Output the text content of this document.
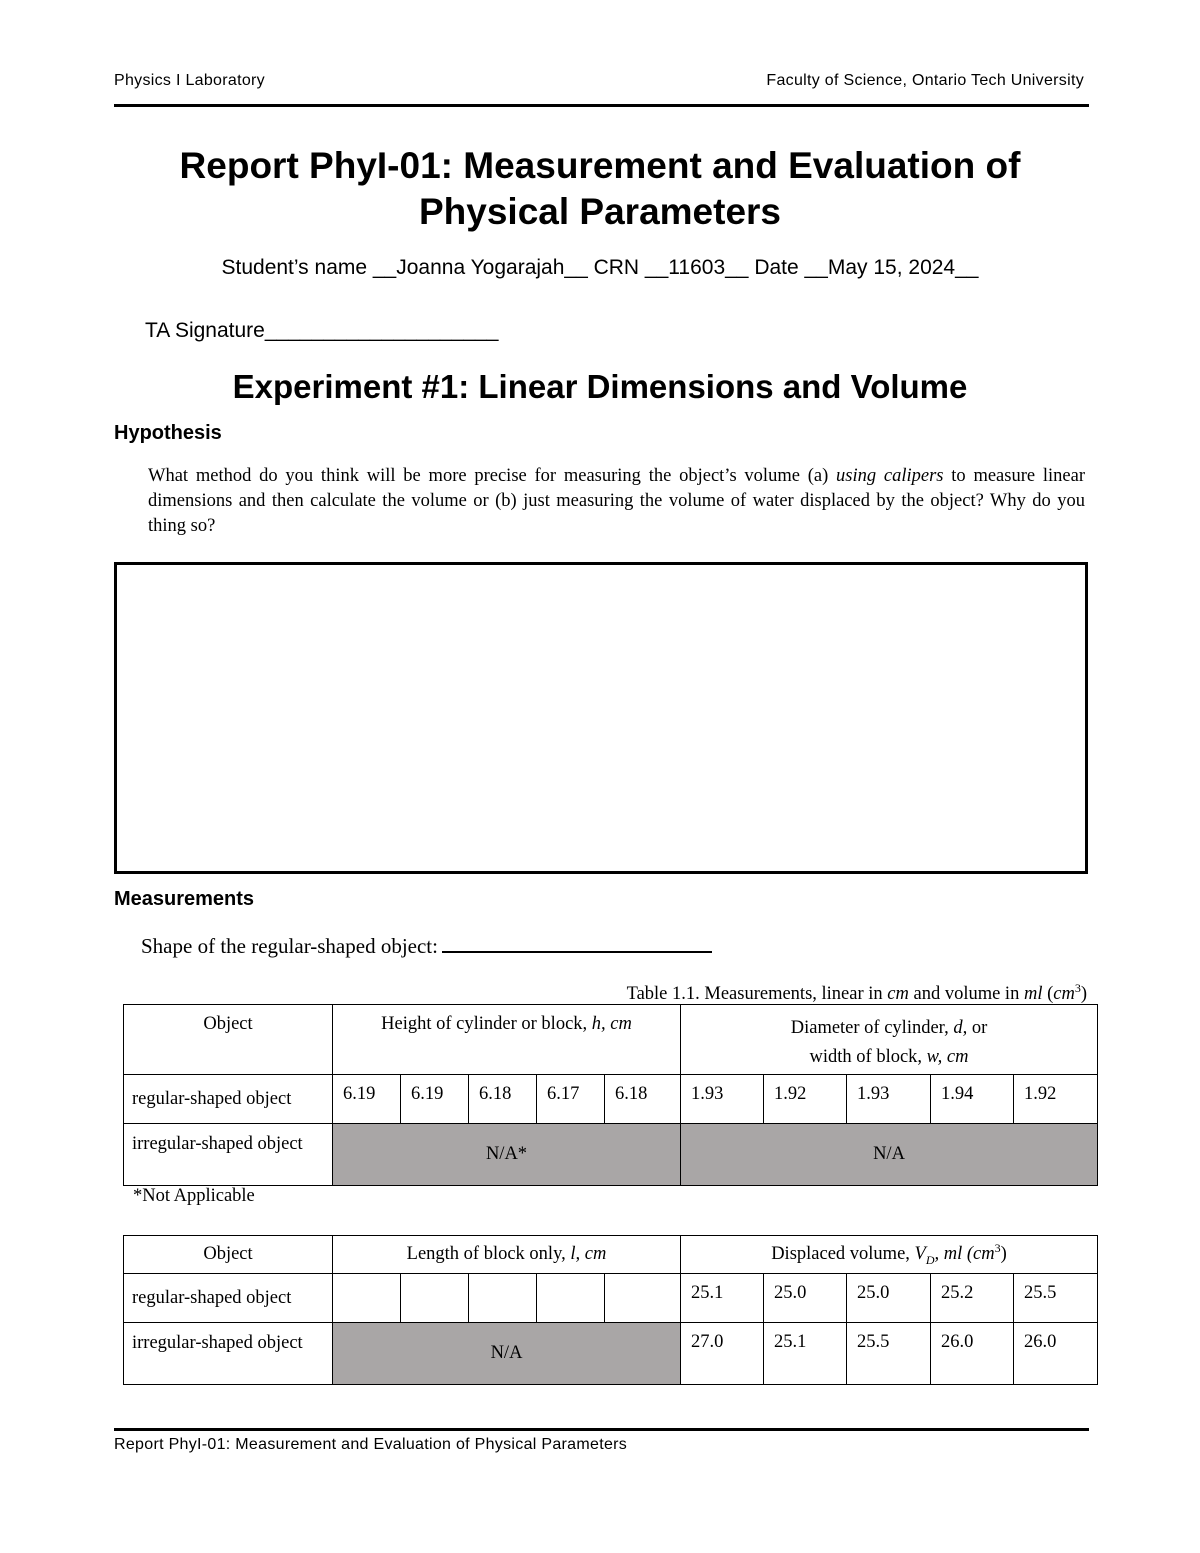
Physics I Laboratory	Faculty of Science, Ontario Tech University
Report PhyI-01: Measurement and Evaluation of
Physical Parameters
Student’s name __Joanna Yogarajah__ CRN __11603__ Date __May 15, 2024__
TA Signature____________________
Experiment #1: Linear Dimensions and Volume
Hypothesis
What method do you think will be more precise for measuring the object’s volume (a) using calipers to measure linear dimensions and then calculate the volume or (b) just measuring the volume of water displaced by the object? Why do you thing so?
Measurements
Shape of the regular-shaped object:
Table 1.1. Measurements, linear in cm and volume in ml $(cm^3)$
Object	Height of cylinder or block, h, cm					Diameter of cylinder, d, or
width of block, w, cm				

regular-shaped object	6.19	6.19	6.18	6.17	6.18	1.93	1.92	1.93	1.94	1.92
irregular-shaped object	N/A*					N/A				
*Not Applicable
Object	Length of block only, l, cm					Displaced volume, $V_D$, ml $(cm^3)$				
regular-shaped object						25.1	25.0	25.0	25.2	25.5
irregular-shaped object	N/A					27.0	25.1	25.5	26.0	26.0
Report PhyI-01: Measurement and Evaluation of Physical Parameters
